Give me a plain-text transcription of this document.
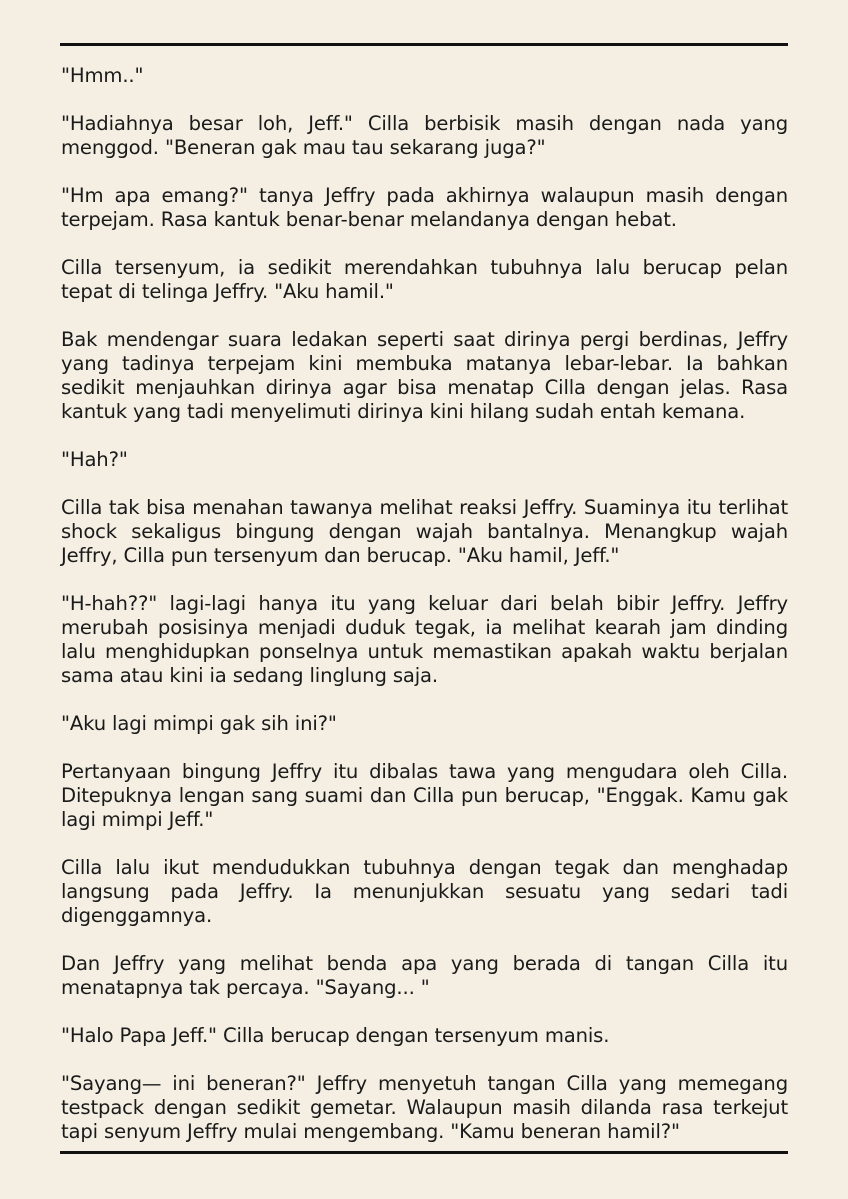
"Hmm.."

"Hadiahnya besar loh, Jeff." Cilla berbisik masih dengan nada yang menggod. "Beneran gak mau tau sekarang juga?"

"Hm apa emang?" tanya Jeffry pada akhirnya walaupun masih dengan terpejam. Rasa kantuk benar-benar melandanya dengan hebat.

Cilla tersenyum, ia sedikit merendahkan tubuhnya lalu berucap pelan tepat di telinga Jeffry. "Aku hamil."

Bak mendengar suara ledakan seperti saat dirinya pergi berdinas, Jeffry yang tadinya terpejam kini membuka matanya lebar-lebar. Ia bahkan sedikit menjauhkan dirinya agar bisa menatap Cilla dengan jelas. Rasa kantuk yang tadi menyelimuti dirinya kini hilang sudah entah kemana.

"Hah?"

Cilla tak bisa menahan tawanya melihat reaksi Jeffry. Suaminya itu terlihat shock sekaligus bingung dengan wajah bantalnya. Menangkup wajah Jeffry, Cilla pun tersenyum dan berucap. "Aku hamil, Jeff."

"H-hah??" lagi-lagi hanya itu yang keluar dari belah bibir Jeffry. Jeffry merubah posisinya menjadi duduk tegak, ia melihat kearah jam dinding lalu menghidupkan ponselnya untuk memastikan apakah waktu berjalan sama atau kini ia sedang linglung saja.

"Aku lagi mimpi gak sih ini?"

Pertanyaan bingung Jeffry itu dibalas tawa yang mengudara oleh Cilla. Ditepuknya lengan sang suami dan Cilla pun berucap, "Enggak. Kamu gak lagi mimpi Jeff."

Cilla lalu ikut mendudukkan tubuhnya dengan tegak dan menghadap langsung pada Jeffry. Ia menunjukkan sesuatu yang sedari tadi digenggamnya.

Dan Jeffry yang melihat benda apa yang berada di tangan Cilla itu menatapnya tak percaya. "Sayang... "

"Halo Papa Jeff." Cilla berucap dengan tersenyum manis.

"Sayang— ini beneran?" Jeffry menyetuh tangan Cilla yang memegang testpack dengan sedikit gemetar. Walaupun masih dilanda rasa terkejut tapi senyum Jeffry mulai mengembang. "Kamu beneran hamil?"
